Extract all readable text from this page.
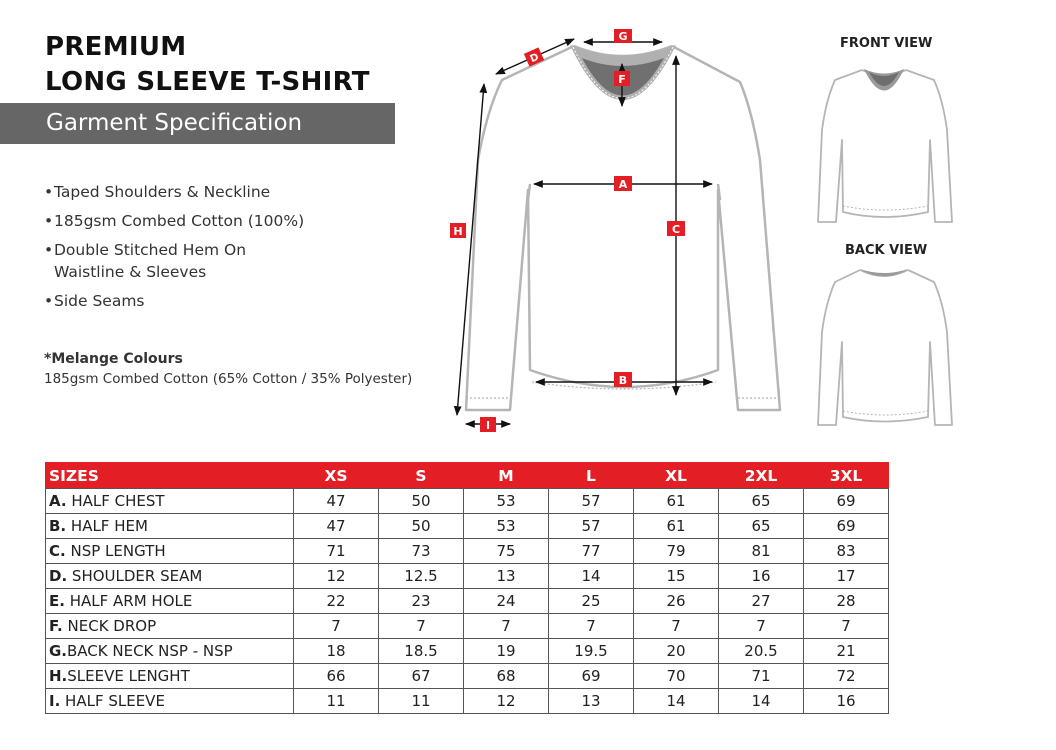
PREMIUM
LONG SLEEVE T-SHIRT
Garment Specification
• Taped Shoulders & Neckline
• 185gsm Combed Cotton (100%)
• Double Stitched Hem On
Waistline & Sleeves
• Side Seams
*Melange Colours
185gsm Combed Cotton (65% Cotton / 35% Polyester)
A
B
C
D
F
G
H
I
FRONT VIEW
BACK VIEW
SIZES	XS	S	M	L	XL	2XL	3XL
A. HALF CHEST	47	50	53	57	61	65	69
B. HALF HEM	47	50	53	57	61	65	69
C. NSP LENGTH	71	73	75	77	79	81	83
D. SHOULDER SEAM	12	12.5	13	14	15	16	17
E. HALF ARM HOLE	22	23	24	25	26	27	28
F. NECK DROP	7	7	7	7	7	7	7
G.BACK NECK NSP - NSP	18	18.5	19	19.5	20	20.5	21
H.SLEEVE LENGHT	66	67	68	69	70	71	72
I. HALF SLEEVE	11	11	12	13	14	14	16
